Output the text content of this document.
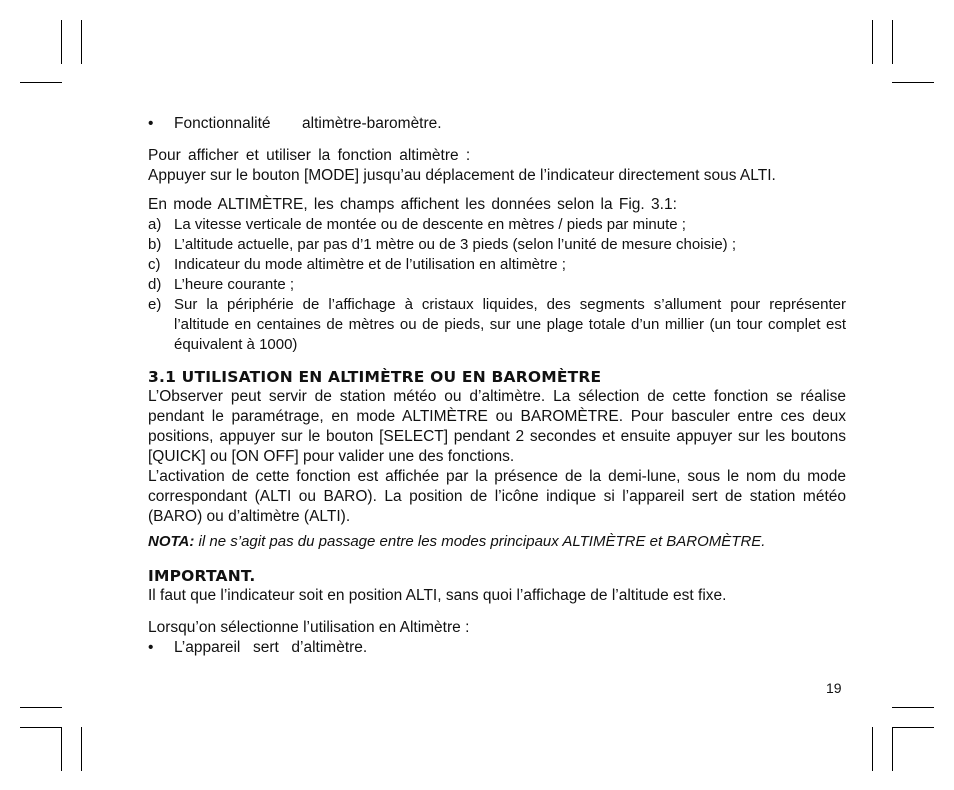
• Fonctionnalité     altimètre-baromètre.

Pour afficher et utiliser la fonction altimètre :

Appuyer sur le bouton [MODE] jusqu’au déplacement de l’indicateur directement sous ALTI.

En mode ALTIMÈTRE, les champs affichent les données selon la Fig. 3.1:

a) La vitesse verticale de montée ou de descente en mètres / pieds par minute ;
b) L’altitude actuelle, par pas d’1 mètre ou de 3 pieds (selon l’unité de mesure choisie) ;
c) Indicateur du mode altimètre et de l’utilisation en altimètre ;
d) L’heure courante ;
e) Sur la périphérie de l’affichage à cristaux liquides, des segments s’allument pour représenter l’altitude en centaines de mètres ou de pieds, sur une plage totale d’un millier (un tour complet est équivalent à 1000)
3.1 UTILISATION EN ALTIMÈTRE OU EN BAROMÈTRE

L’Observer peut servir de station météo ou d’altimètre. La sélection de cette fonction se réalise pendant le paramétrage, en mode ALTIMÈTRE ou BAROMÈTRE. Pour basculer entre ces deux positions, appuyer sur le bouton [SELECT] pendant 2 secondes et ensuite appuyer sur les boutons [QUICK] ou [ON OFF] pour valider une des fonctions.

L’activation de cette fonction est affichée par la présence de la demi-lune, sous le nom du mode correspondant (ALTI ou BARO). La position de l’icône indique si l’appareil sert de station météo (BARO) ou d’altimètre (ALTI).

NOTA: il ne s’agit pas du passage entre les modes principaux ALTIMÈTRE et BAROMÈTRE.

IMPORTANT.

Il faut que l’indicateur soit en position ALTI, sans quoi l’affichage de l’altitude est fixe.

Lorsqu’on sélectionne l’utilisation en Altimètre :

• L’appareil  sert  d’altimètre.
19
